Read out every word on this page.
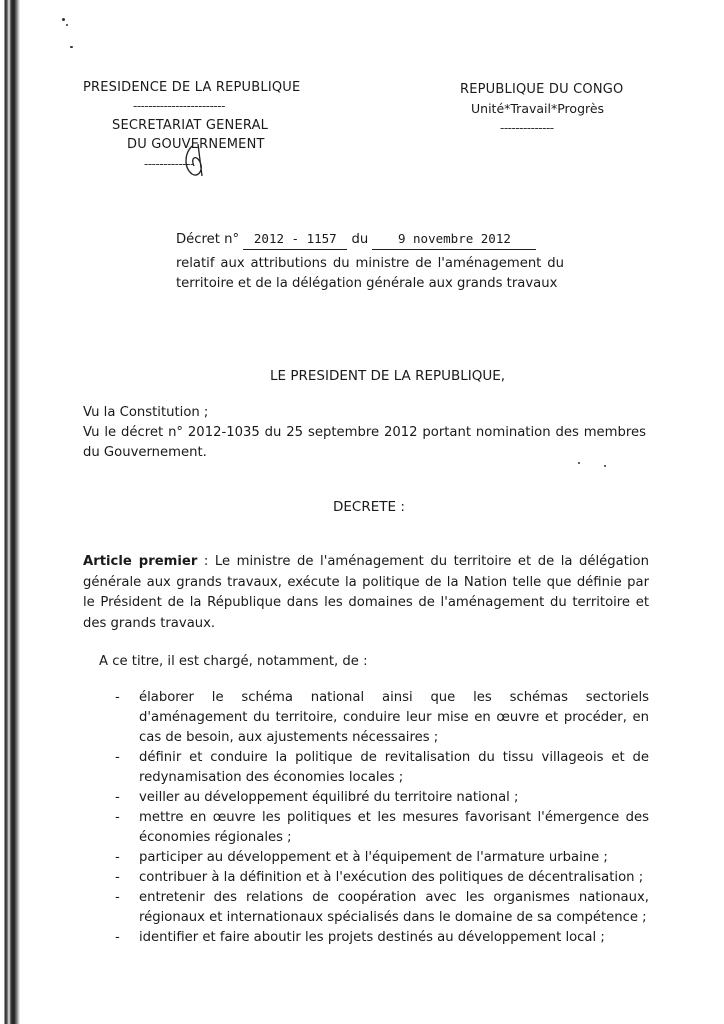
PRESIDENCE DE LA REPUBLIQUE
------------------------
SECRETARIAT GENERAL
DU GOUVERNEMENT
-------------
REPUBLIQUE DU CONGO
Unité*Travail*Progrès
--------------
Décret n° 2012 - 1157 du 9 novembre 2012
relatif aux attributions du ministre de l'aménagement du territoire et de la délégation générale aux grands travaux
LE PRESIDENT DE LA REPUBLIQUE,
Vu la Constitution ;
Vu le décret n° 2012-1035 du 25 septembre 2012 portant nomination des membres du Gouvernement.
DECRETE :
Article premier : Le ministre de l'aménagement du territoire et de la délégation générale aux grands travaux, exécute la politique de la Nation telle que définie par le Président de la République dans les domaines de l'aménagement du territoire et des grands travaux.
A ce titre, il est chargé, notamment, de :
- élaborer le schéma national ainsi que les schémas sectoriels d'aménagement du territoire, conduire leur mise en œuvre et procéder, en cas de besoin, aux ajustements nécessaires ;
- définir et conduire la politique de revitalisation du tissu villageois et de redynamisation des économies locales ;
- veiller au développement équilibré du territoire national ;
- mettre en œuvre les politiques et les mesures favorisant l'émergence des économies régionales ;
- participer au développement et à l'équipement de l'armature urbaine ;
- contribuer à la définition et à l'exécution des politiques de décentralisation ;
- entretenir des relations de coopération avec les organismes nationaux, régionaux et internationaux spécialisés dans le domaine de sa compétence ;
- identifier et faire aboutir les projets destinés au développement local ;
